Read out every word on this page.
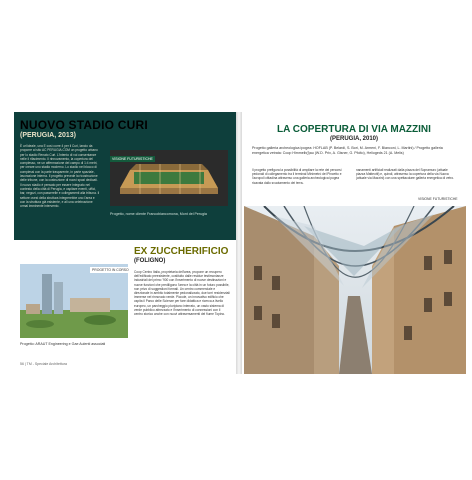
NUOVO STADIO CURI
(PERUGIA, 2013)
È un'ideale, una E così corre 4 per il Curi, lancio da proporre al sito AC PERUGIA.COM un progetto urbano per lo stadio Renato Curi. L'intento di voi consentanze nelle il rifacimento. Il rinnovamento, la copertura del complesso, ne un affermazione del campo di 1:4 metri, per creare uno stadio moderno. Lo stadio nel blocco di complessi con la parte trasparente, in parte spaziale, lavorazione interna. Il progetto prevede la ricostruzione delle tribune, con la costruzione di nuovi spazi dedicati. Il nuovo stadio è pensato per essere integrato nel contesto della città di Perugia, e ospitare eventi, uffici, bar, negozi, con passerelle e collegamenti alla tribuna. Il settore ovest della struttura integrerebbe uno l'area e con la struttura già esistente, e all una celebrazione ormai imminente intervento.
VISIONE FUTURISTICHE
Progetto, nome cliente Francobiancomona, Mont del Perugia
EX ZUCCHERIFICIO
(FOLIGNO)
Coop Centro Italia, proprietaria dell'area, propone un recupero dell'edificato preesistente, costituito dalle residue testimonianze industriali del primo '900 con l'inserimento di nuove destinazioni e nuove funzioni che prediligono l'area e la città in un futuro possibile, non privo di suggestioni formali. Un centro commerciale e direzionale in ambito totalmente pedonalizzato, due torri residenziali immerse nel rinnovato verde. Piccole, un innovativo edificio che ospita il Parco delle Scienze per fare didattica e ricerca a livello europeo, un parcheggio pluripiano interrato, un vasto sistema di verde pubblico attrezzato e l'inserimento di connessioni con il centro storico anche con nuovi attraversamenti del fiume Topino.
PROGETTO IN CORSO
Progetto: ARAUT Engineering e Gae Aulenti associati
56 | TM - Speciale Architettura
LA COPERTURA DI VIA MAZZINI
(PERUGIA, 2010)
Progetto galleria archeologica ipogea: HOFLAB (P. Belardi, S. Bori, M. Armeni, F. Bianconi, L. Martini) / Progetto galleria energetica vetrata: Coop Himmelb(l)au (W.D. Prix, A. Gisner, G. Pfolto), Heliogeds 21 (A. Melis)
Il progetto prefigura la possibilità di ampliare la rete dei percorsi pedonali di collegamento tra il terminal Minimetrò del Pincetto e l'acropoli cittadina attraverso una galleria archeologica ipogea ricavata dallo svuotamento dei terra-
nanamenti artificiali realizzati dalla piazza del Sopramuro (attuale piazza Matteotti) e, quindi, attraverso la copertura della via Nuova (attuale via Mazzini) con una spettacolare galleria energetica di vetro.
VISIONE FUTURISTICHE
